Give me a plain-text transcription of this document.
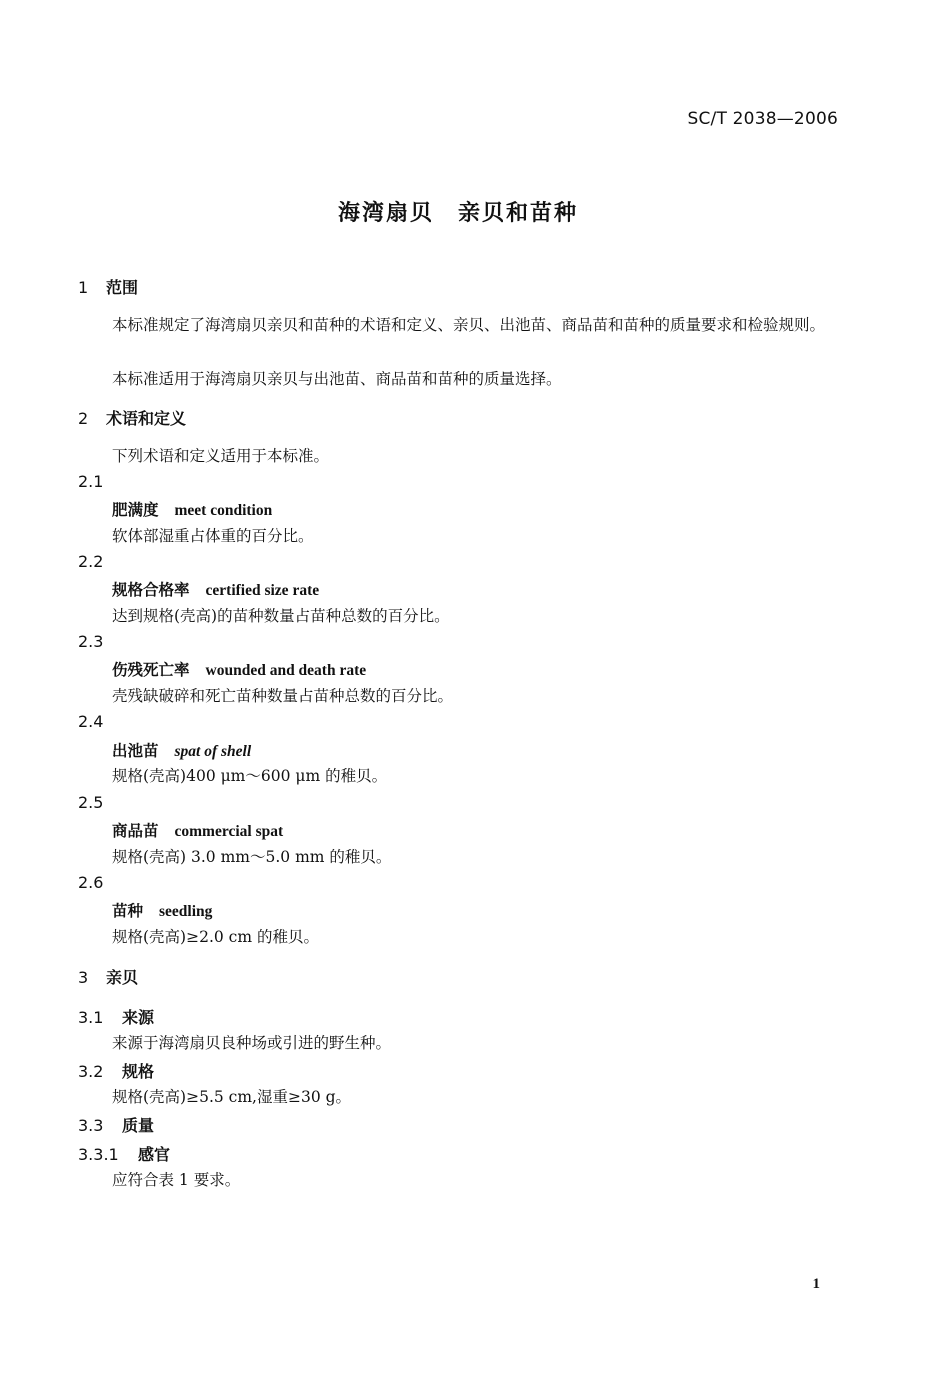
SC/T 2038—2006
海湾扇贝　亲贝和苗种
1 范围
本标准规定了海湾扇贝亲贝和苗种的术语和定义、亲贝、出池苗、商品苗和苗种的质量要求和检验规则。
本标准适用于海湾扇贝亲贝与出池苗、商品苗和苗种的质量选择。
2 术语和定义
下列术语和定义适用于本标准。
2.1
肥满度 meet condition
软体部湿重占体重的百分比。
2.2
规格合格率 certified size rate
达到规格(壳高)的苗种数量占苗种总数的百分比。
2.3
伤残死亡率 wounded and death rate
壳残缺破碎和死亡苗种数量占苗种总数的百分比。
2.4
出池苗 spat of shell
规格(壳高)400 μm～600 μm 的稚贝。
2.5
商品苗 commercial spat
规格(壳高) 3.0 mm～5.0 mm 的稚贝。
2.6
苗种 seedling
规格(壳高)≥2.0 cm 的稚贝。
3 亲贝
3.1 来源
来源于海湾扇贝良种场或引进的野生种。
3.2 规格
规格(壳高)≥5.5 cm,湿重≥30 g。
3.3 质量
3.3.1 感官
应符合表 1 要求。
1
